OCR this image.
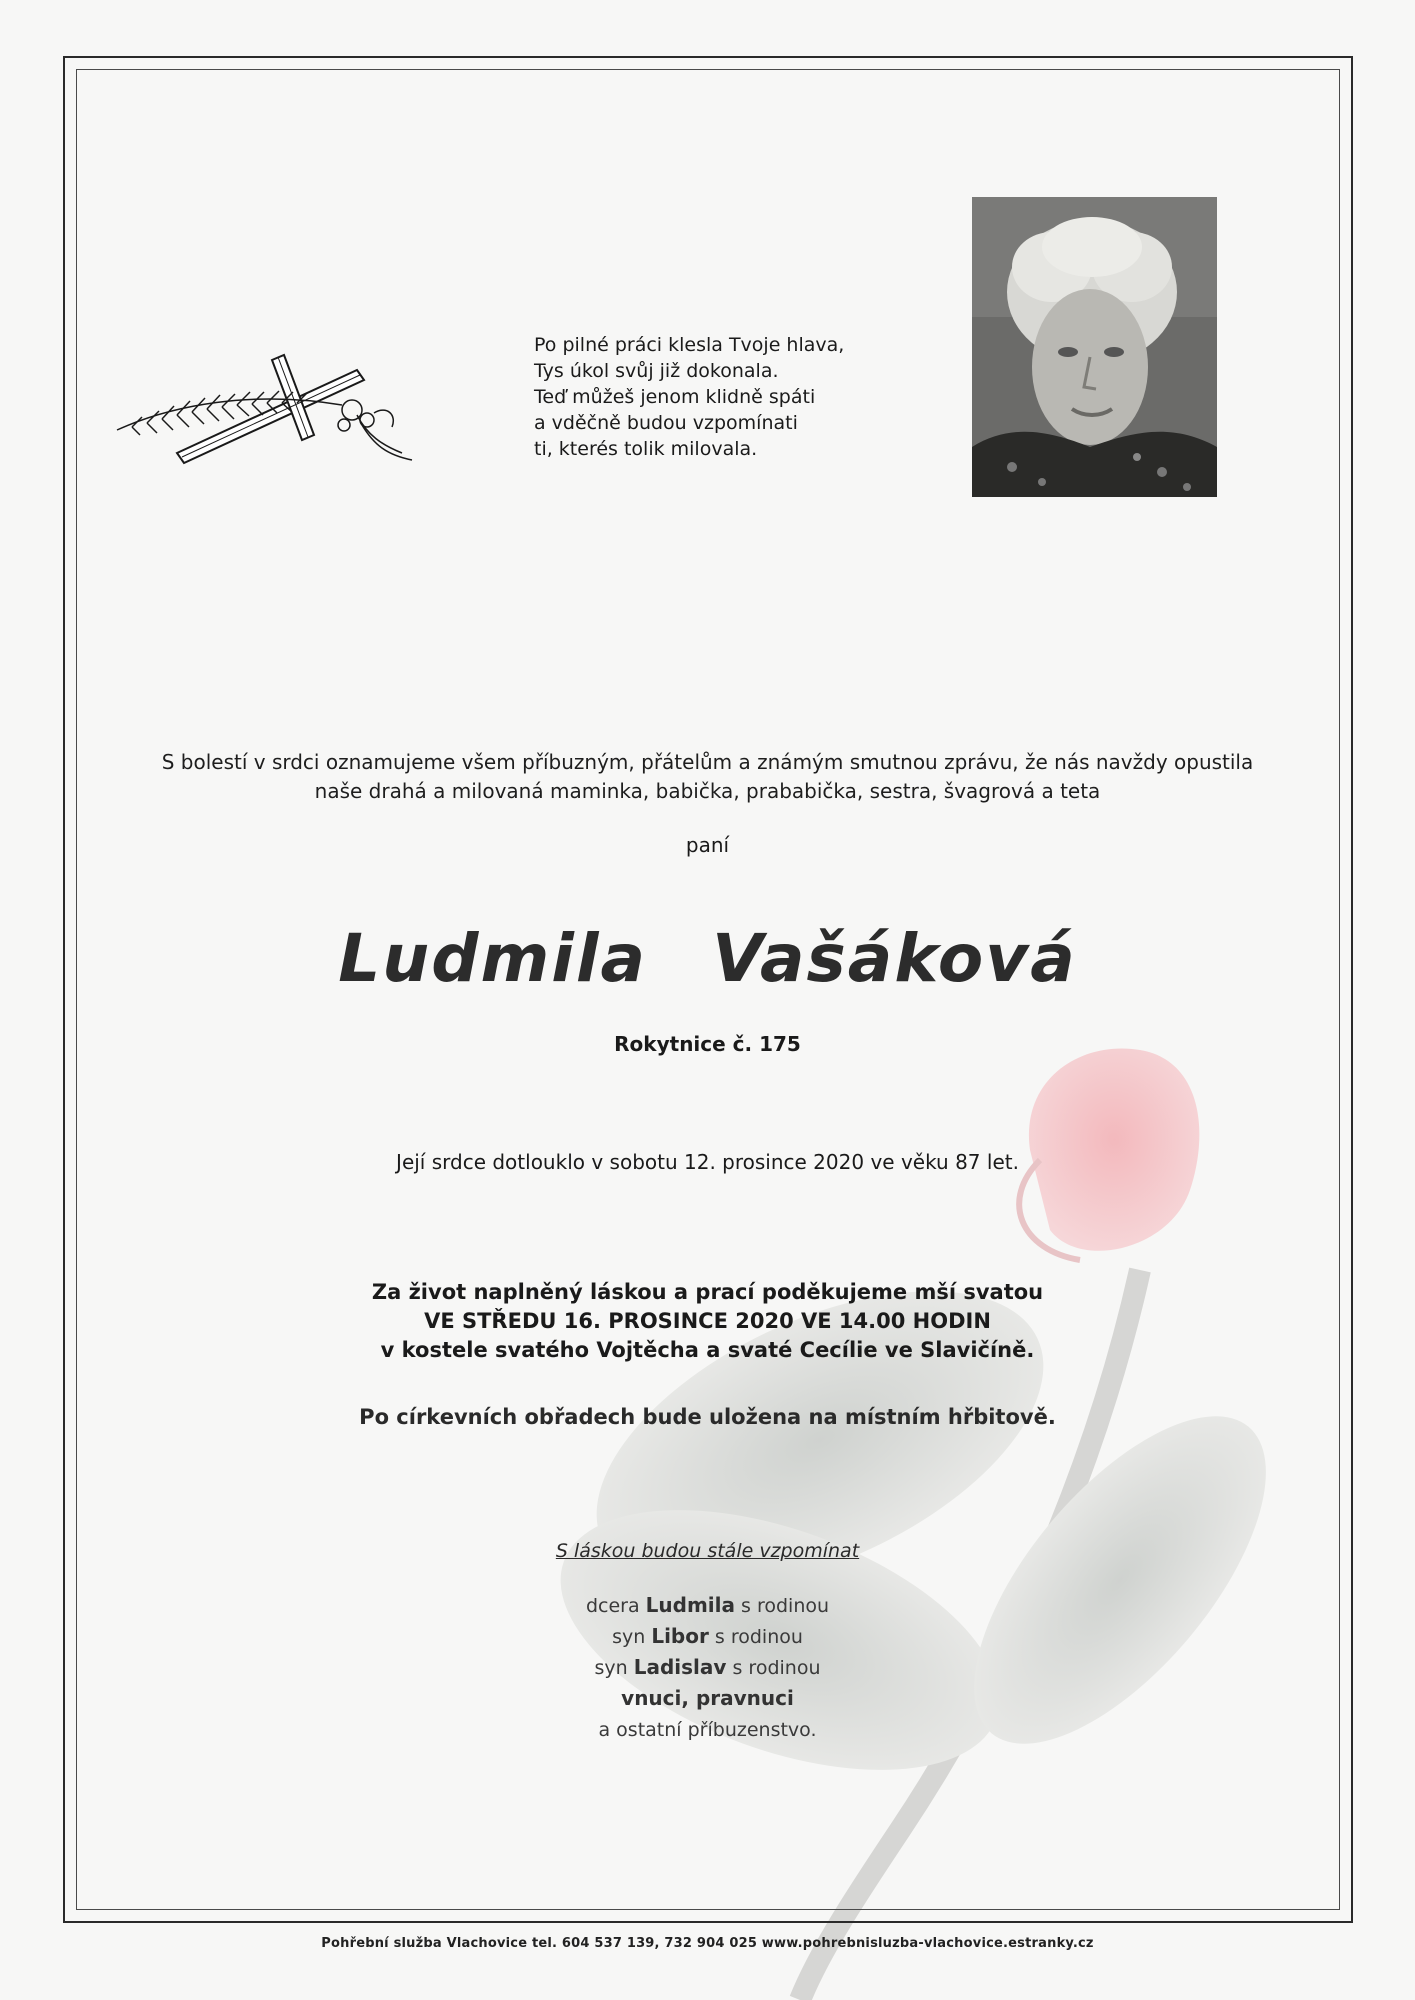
Po pilné práci klesla Tvoje hlava,
Tys úkol svůj již dokonala.
Teď můžeš jenom klidně spáti
a vděčně budou vzpomínati
ti, kterés tolik milovala.
S bolestí v srdci oznamujeme všem příbuzným, přátelům a známým smutnou zprávu, že nás navždy opustila
naše drahá a milovaná maminka, babička, prababička, sestra, švagrová a teta
paní
Ludmila Vašáková
Rokytnice č. 175
Její srdce dotlouklo v sobotu 12. prosince 2020 ve věku 87 let.
Za život naplněný láskou a prací poděkujeme mší svatou
VE STŘEDU 16. PROSINCE 2020 VE 14.00 HODIN
v kostele svatého Vojtěcha a svaté Cecílie ve Slavičíně.
Po církevních obřadech bude uložena na místním hřbitově.
S láskou budou stále vzpomínat
dcera Ludmila s rodinou
syn Libor s rodinou
syn Ladislav s rodinou
vnuci, pravnuci
a ostatní příbuzenstvo.
Pohřební služba Vlachovice tel. 604 537 139, 732 904 025 www.pohrebnisluzba-vlachovice.estranky.cz
